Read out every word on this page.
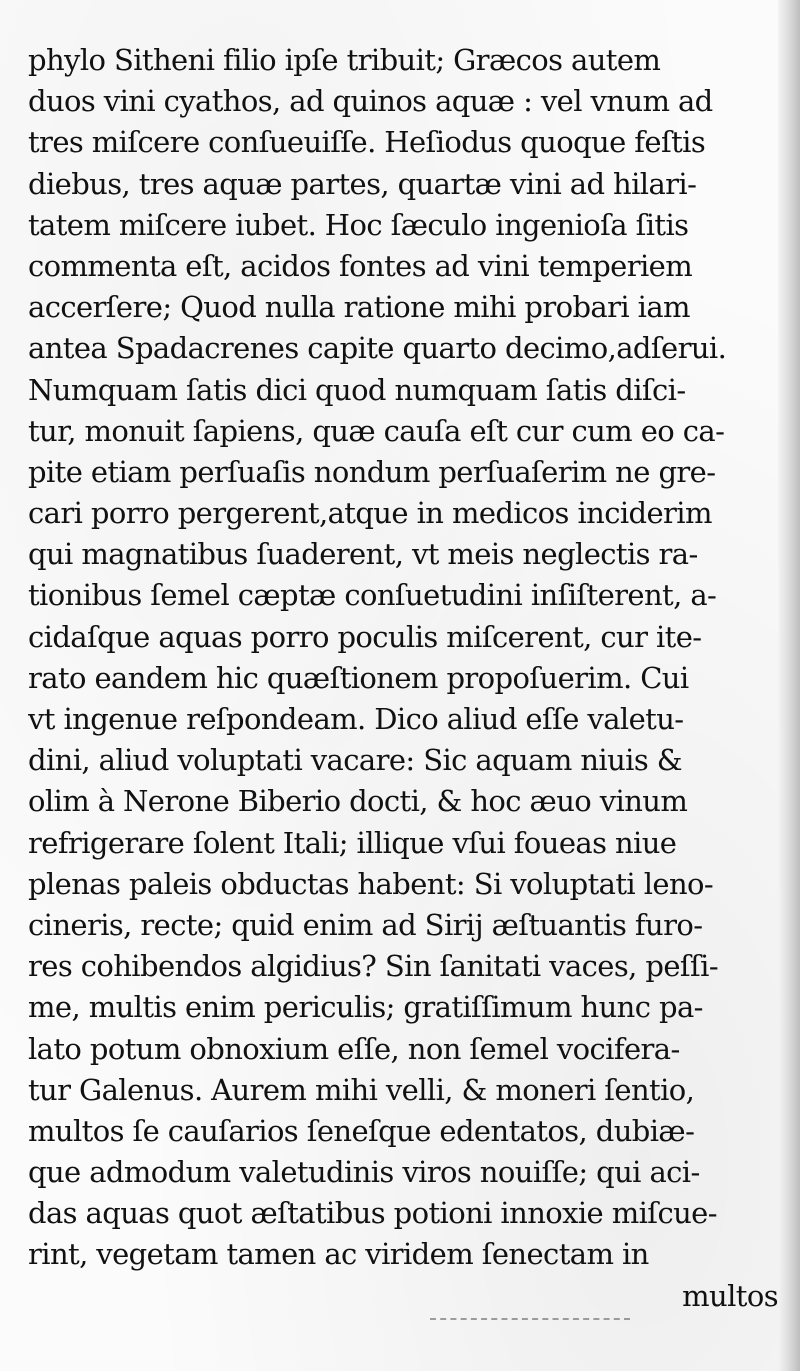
phylo Sitheni filio ipſe tribuit; Græcos autem
duos vini cyathos, ad quinos aquæ : vel vnum ad
tres miſcere conſueuiſſe. Heſiodus quoque feſtis
diebus, tres aquæ partes, quartæ vini ad hilari-
tatem miſcere iubet. Hoc ſæculo ingenioſa ſitis
commenta eſt, acidos fontes ad vini temperiem
accerſere; Quod nulla ratione mihi probari iam
antea Spadacrenes capite quarto decimo,adſerui.
Numquam ſatis dici quod numquam ſatis diſci-
tur, monuit ſapiens, quæ cauſa eſt cur cum eo ca-
pite etiam perſuaſis nondum perſuaſerim ne gre-
cari porro pergerent,atque in medicos inciderim
qui magnatibus ſuaderent, vt meis neglectis ra-
tionibus ſemel cæptæ conſuetudini inſiſterent, a-
cidaſque aquas porro poculis miſcerent, cur ite-
rato eandem hic quæſtionem propoſuerim. Cui
vt ingenue reſpondeam. Dico aliud eſſe valetu-
dini, aliud voluptati vacare: Sic aquam niuis &
olim à Nerone Biberio docti, & hoc æuo vinum
refrigerare ſolent Itali; illique vſui foueas niue
plenas paleis obductas habent: Si voluptati leno-
cineris, recte; quid enim ad Sirij æſtuantis furo-
res cohibendos algidius? Sin ſanitati vaces, peſſi-
me, multis enim periculis; gratiſſimum hunc pa-
lato potum obnoxium eſſe, non ſemel vocifera-
tur Galenus. Aurem mihi velli, & moneri ſentio,
multos ſe cauſarios ſeneſque edentatos, dubiæ-
que admodum valetudinis viros nouiſſe; qui aci-
das aquas quot æſtatibus potioni innoxie miſcue-
rint, vegetam tamen ac viridem ſenectam in
multos
